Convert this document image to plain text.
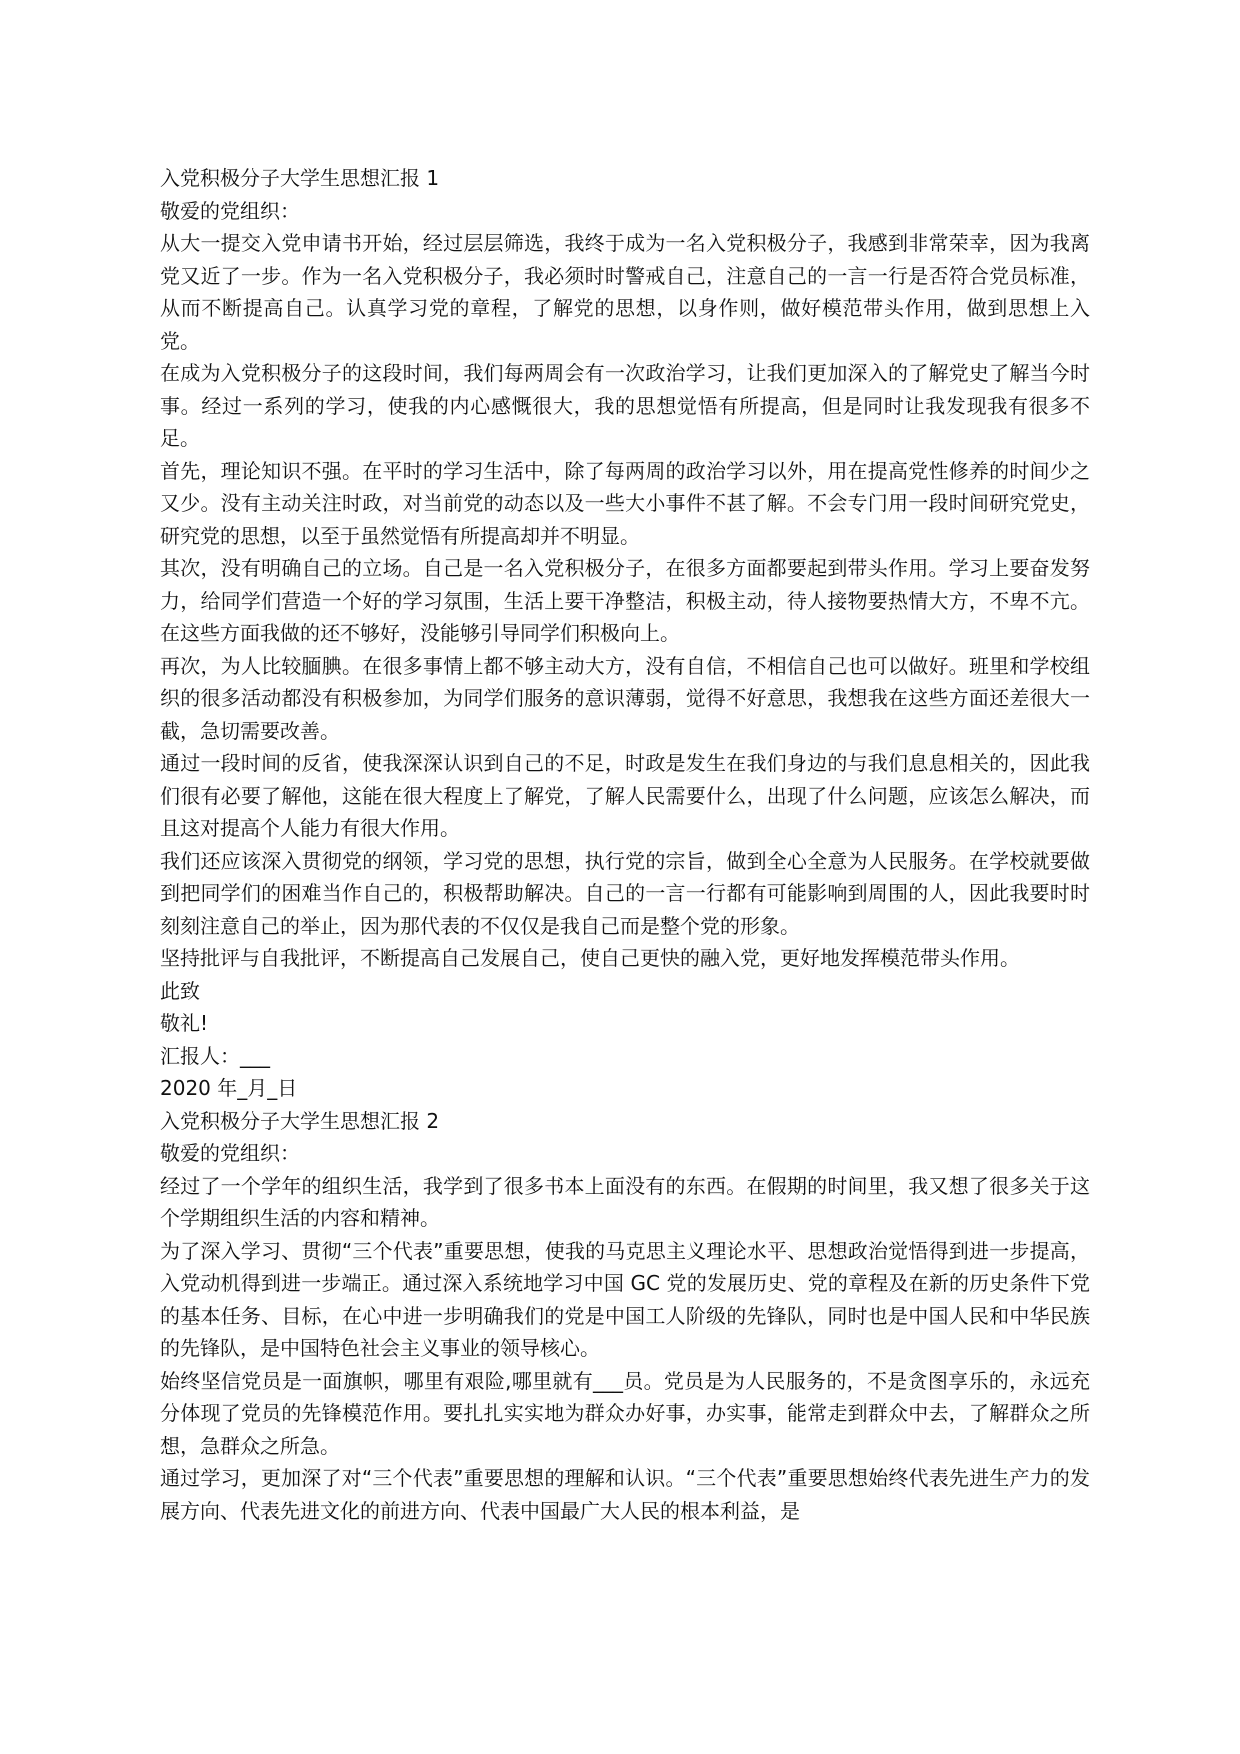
入党积极分子大学生思想汇报 1

敬爱的党组织：

从大一提交入党申请书开始，经过层层筛选，我终于成为一名入党积极分子，我感到非常荣幸，因为我离党又近了一步。作为一名入党积极分子，我必须时时警戒自己，注意自己的一言一行是否符合党员标准，从而不断提高自己。认真学习党的章程，了解党的思想，以身作则，做好模范带头作用，做到思想上入党。

在成为入党积极分子的这段时间，我们每两周会有一次政治学习，让我们更加深入的了解党史了解当今时事。经过一系列的学习，使我的内心感慨很大，我的思想觉悟有所提高，但是同时让我发现我有很多不足。

首先，理论知识不强。在平时的学习生活中，除了每两周的政治学习以外，用在提高党性修养的时间少之又少。没有主动关注时政，对当前党的动态以及一些大小事件不甚了解。不会专门用一段时间研究党史，研究党的思想，以至于虽然觉悟有所提高却并不明显。

其次，没有明确自己的立场。自己是一名入党积极分子，在很多方面都要起到带头作用。学习上要奋发努力，给同学们营造一个好的学习氛围，生活上要干净整洁，积极主动，待人接物要热情大方，不卑不亢。在这些方面我做的还不够好，没能够引导同学们积极向上。

再次，为人比较腼腆。在很多事情上都不够主动大方，没有自信，不相信自己也可以做好。班里和学校组织的很多活动都没有积极参加，为同学们服务的意识薄弱，觉得不好意思，我想我在这些方面还差很大一截，急切需要改善。

通过一段时间的反省，使我深深认识到自己的不足，时政是发生在我们身边的与我们息息相关的，因此我们很有必要了解他，这能在很大程度上了解党，了解人民需要什么，出现了什么问题，应该怎么解决，而且这对提高个人能力有很大作用。

我们还应该深入贯彻党的纲领，学习党的思想，执行党的宗旨，做到全心全意为人民服务。在学校就要做到把同学们的困难当作自己的，积极帮助解决。自己的一言一行都有可能影响到周围的人，因此我要时时刻刻注意自己的举止，因为那代表的不仅仅是我自己而是整个党的形象。

坚持批评与自我批评，不断提高自己发展自己，使自己更快的融入党，更好地发挥模范带头作用。

此致

敬礼!

汇报人：___

2020 年_月_日

入党积极分子大学生思想汇报 2

敬爱的党组织：

经过了一个学年的组织生活，我学到了很多书本上面没有的东西。在假期的时间里，我又想了很多关于这个学期组织生活的内容和精神。

为了深入学习、贯彻“三个代表”重要思想，使我的马克思主义理论水平、思想政治觉悟得到进一步提高，入党动机得到进一步端正。通过深入系统地学习中国 GC 党的发展历史、党的章程及在新的历史条件下党的基本任务、目标，在心中进一步明确我们的党是中国工人阶级的先锋队，同时也是中国人民和中华民族的先锋队，是中国特色社会主义事业的领导核心。

始终坚信党员是一面旗帜，哪里有艰险,哪里就有___员。党员是为人民服务的，不是贪图享乐的，永远充分体现了党员的先锋模范作用。要扎扎实实地为群众办好事，办实事，能常走到群众中去，了解群众之所想，急群众之所急。

通过学习，更加深了对“三个代表”重要思想的理解和认识。“三个代表”重要思想始终代表先进生产力的发展方向、代表先进文化的前进方向、代表中国最广大人民的根本利益，是
